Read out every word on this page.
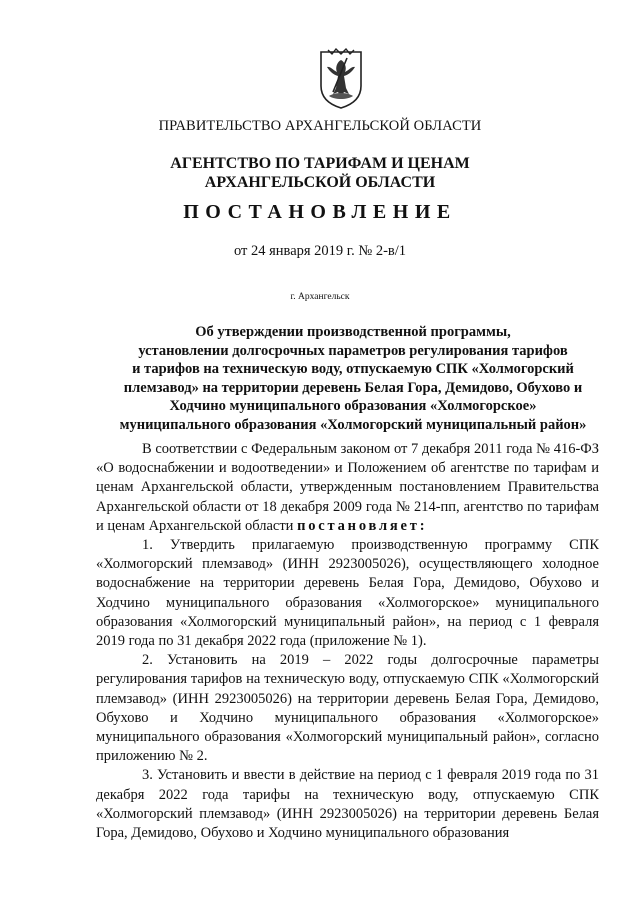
ПРАВИТЕЛЬСТВО АРХАНГЕЛЬСКОЙ ОБЛАСТИ
АГЕНТСТВО ПО ТАРИФАМ И ЦЕНАМ
АРХАНГЕЛЬСКОЙ ОБЛАСТИ
ПОСТАНОВЛЕНИЕ
от 24 января 2019 г. № 2-в/1
г. Архангельск
Об утверждении производственной программы,
установлении долгосрочных параметров регулирования тарифов
и тарифов на техническую воду, отпускаемую СПК «Холмогорский
племзавод» на территории деревень Белая Гора, Демидово, Обухово и
Ходчино муниципального образования «Холмогорское»
муниципального образования «Холмогорский муниципальный район»

В соответствии с Федеральным законом от 7 декабря 2011 года № 416-ФЗ «О водоснабжении и водоотведении» и Положением об агентстве по тарифам и ценам Архангельской области, утвержденным постановлением Правительства Архангельской области от 18 декабря 2009 года № 214-пп, агентство по тарифам и ценам Архангельской области постановляет:

1. Утвердить прилагаемую производственную программу СПК «Холмогорский племзавод» (ИНН 2923005026), осуществляющего холодное водоснабжение на территории деревень Белая Гора, Демидово, Обухово и Ходчино муниципального образования «Холмогорское» муниципального образования «Холмогорский муниципальный район», на период с 1 февраля 2019 года по 31 декабря 2022 года (приложение № 1).

2. Установить на 2019 – 2022 годы долгосрочные параметры регулирования тарифов на техническую воду, отпускаемую СПК «Холмогорский племзавод» (ИНН 2923005026) на территории деревень Белая Гора, Демидово, Обухово и Ходчино муниципального образования «Холмогорское» муниципального образования «Холмогорский муниципальный район», согласно приложению № 2.

3. Установить и ввести в действие на период с 1 февраля 2019 года по 31 декабря 2022 года тарифы на техническую воду, отпускаемую СПК «Холмогорский племзавод» (ИНН 2923005026) на территории деревень Белая Гора, Демидово, Обухово и Ходчино муниципального образования
